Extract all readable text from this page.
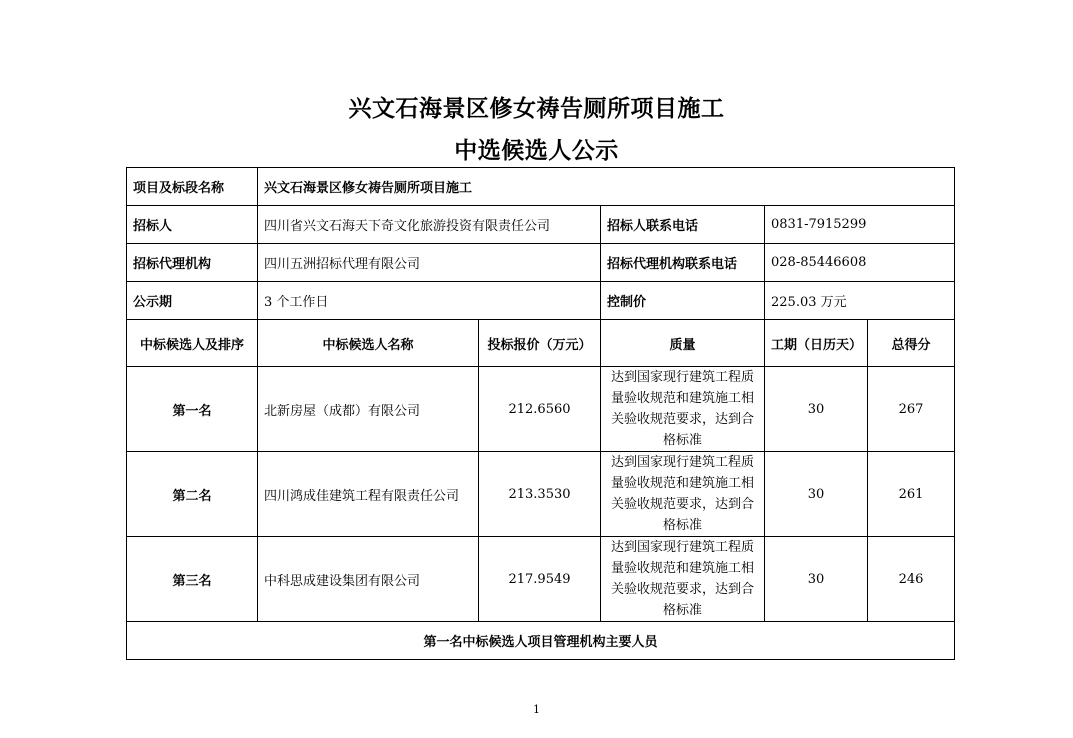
兴文石海景区修女祷告厕所项目施工
中选候选人公示
项目及标段名称	兴文石海景区修女祷告厕所项目施工				
招标人	四川省兴文石海天下奇文化旅游投资有限责任公司		招标人联系电话	0831-7915299	
招标代理机构	四川五洲招标代理有限公司		招标代理机构联系电话	028-85446608	
公示期	3 个工作日		控制价	225.03 万元	
中标候选人及排序	中标候选人名称	投标报价（万元）	质量	工期（日历天）	总得分
第一名	北新房屋（成都）有限公司	212.6560	达到国家现行建筑工程质量验收规范和建筑施工相关验收规范要求，达到合格标准	30	267
第二名	四川鸿成佳建筑工程有限责任公司	213.3530	达到国家现行建筑工程质量验收规范和建筑施工相关验收规范要求，达到合格标准	30	261
第三名	中科思成建设集团有限公司	217.9549	达到国家现行建筑工程质量验收规范和建筑施工相关验收规范要求，达到合格标准	30	246
第一名中标候选人项目管理机构主要人员					
1
